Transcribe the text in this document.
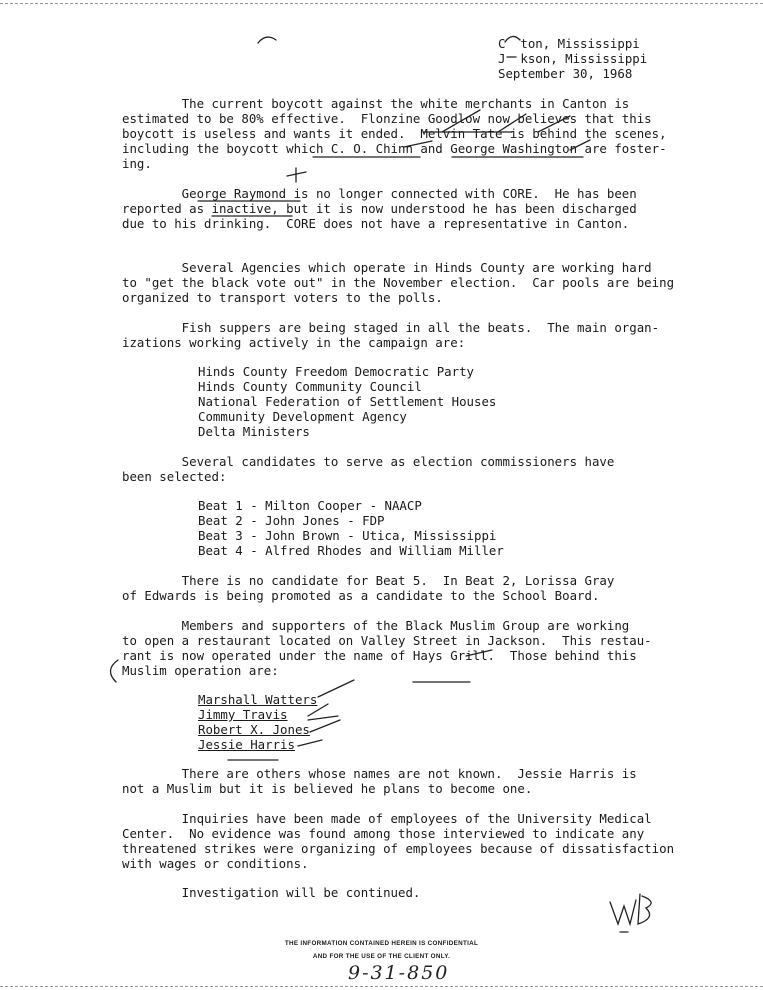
C  ton, Mississippi
J  kson, Mississippi
September 30, 1968
The current boycott against the white merchants in Canton is
estimated to be 80% effective.  Flonzine Goodlow now believes that this
boycott is useless and wants it ended.  Melvin Tate is behind the scenes,
including the boycott which C. O. Chinn and George Washington are foster-
ing.
George Raymond is no longer connected with CORE.  He has been
reported as inactive, but it is now understood he has been discharged
due to his drinking.  CORE does not have a representative in Canton.
Several Agencies which operate in Hinds County are working hard
to "get the black vote out" in the November election.  Car pools are being
organized to transport voters to the polls.
Fish suppers are being staged in all the beats.  The main organ-
izations working actively in the campaign are:
Hinds County Freedom Democratic Party
Hinds County Community Council
National Federation of Settlement Houses
Community Development Agency
Delta Ministers
Several candidates to serve as election commissioners have
been selected:
Beat 1 - Milton Cooper - NAACP
Beat 2 - John Jones - FDP
Beat 3 - John Brown - Utica, Mississippi
Beat 4 - Alfred Rhodes and William Miller
There is no candidate for Beat 5.  In Beat 2, Lorissa Gray
of Edwards is being promoted as a candidate to the School Board.
Members and supporters of the Black Muslim Group are working
to open a restaurant located on Valley Street in Jackson.  This restau-
rant is now operated under the name of Hays Grill.  Those behind this
Muslim operation are:
Marshall Watters
Jimmy Travis
Robert X. Jones
Jessie Harris
There are others whose names are not known.  Jessie Harris is
not a Muslim but it is believed he plans to become one.
Inquiries have been made of employees of the University Medical
Center.  No evidence was found among those interviewed to indicate any
threatened strikes were organizing of employees because of dissatisfaction
with wages or conditions.
Investigation will be continued.
THE INFORMATION CONTAINED HEREIN IS CONFIDENTIAL
AND FOR THE USE OF THE CLIENT ONLY.
9-31-850
